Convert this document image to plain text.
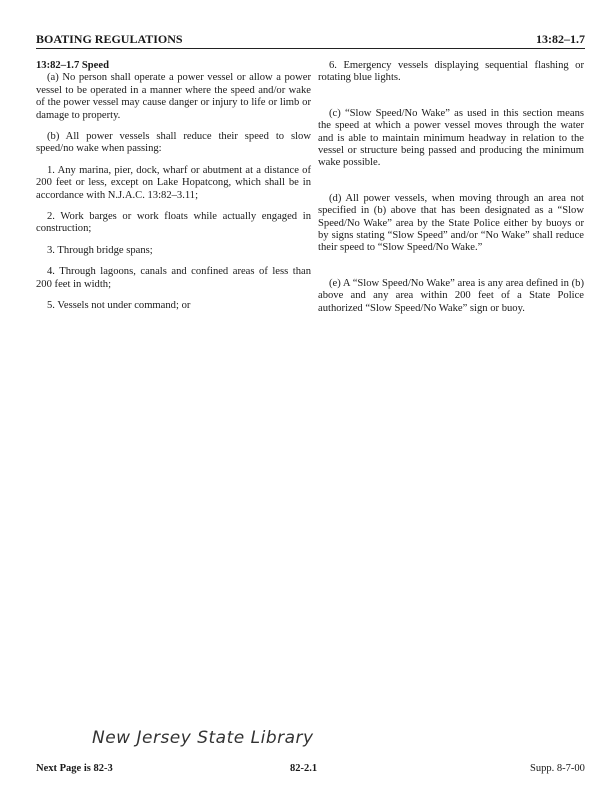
BOATING REGULATIONS	13:82–1.7
13:82–1.7 Speed

(a) No person shall operate a power vessel or allow a power vessel to be operated in a manner where the speed and/or wake of the power vessel may cause danger or injury to life or limb or damage to property.

(b) All power vessels shall reduce their speed to slow speed/no wake when passing:

1. Any marina, pier, dock, wharf or abutment at a distance of 200 feet or less, except on Lake Hopatcong, which shall be in accordance with N.J.A.C. 13:82–3.11;

2. Work barges or work floats while actually engaged in construction;

3. Through bridge spans;

4. Through lagoons, canals and confined areas of less than 200 feet in width;

5. Vessels not under command; or

6. Emergency vessels displaying sequential flashing or rotating blue lights.

(c) “Slow Speed/No Wake” as used in this section means the speed at which a power vessel moves through the water and is able to maintain minimum headway in relation to the vessel or structure being passed and producing the minimum wake possible.

(d) All power vessels, when moving through an area not specified in (b) above that has been designated as a “Slow Speed/No Wake” area by the State Police either by buoys or by signs stating “Slow Speed” and/or “No Wake” shall reduce their speed to “Slow Speed/No Wake.”

(e) A “Slow Speed/No Wake” area is any area defined in (b) above and any area within 200 feet of a State Police authorized “Slow Speed/No Wake” sign or buoy.

New Jersey State Library
Next Page is 82-3	82-2.1	Supp. 8-7-00
